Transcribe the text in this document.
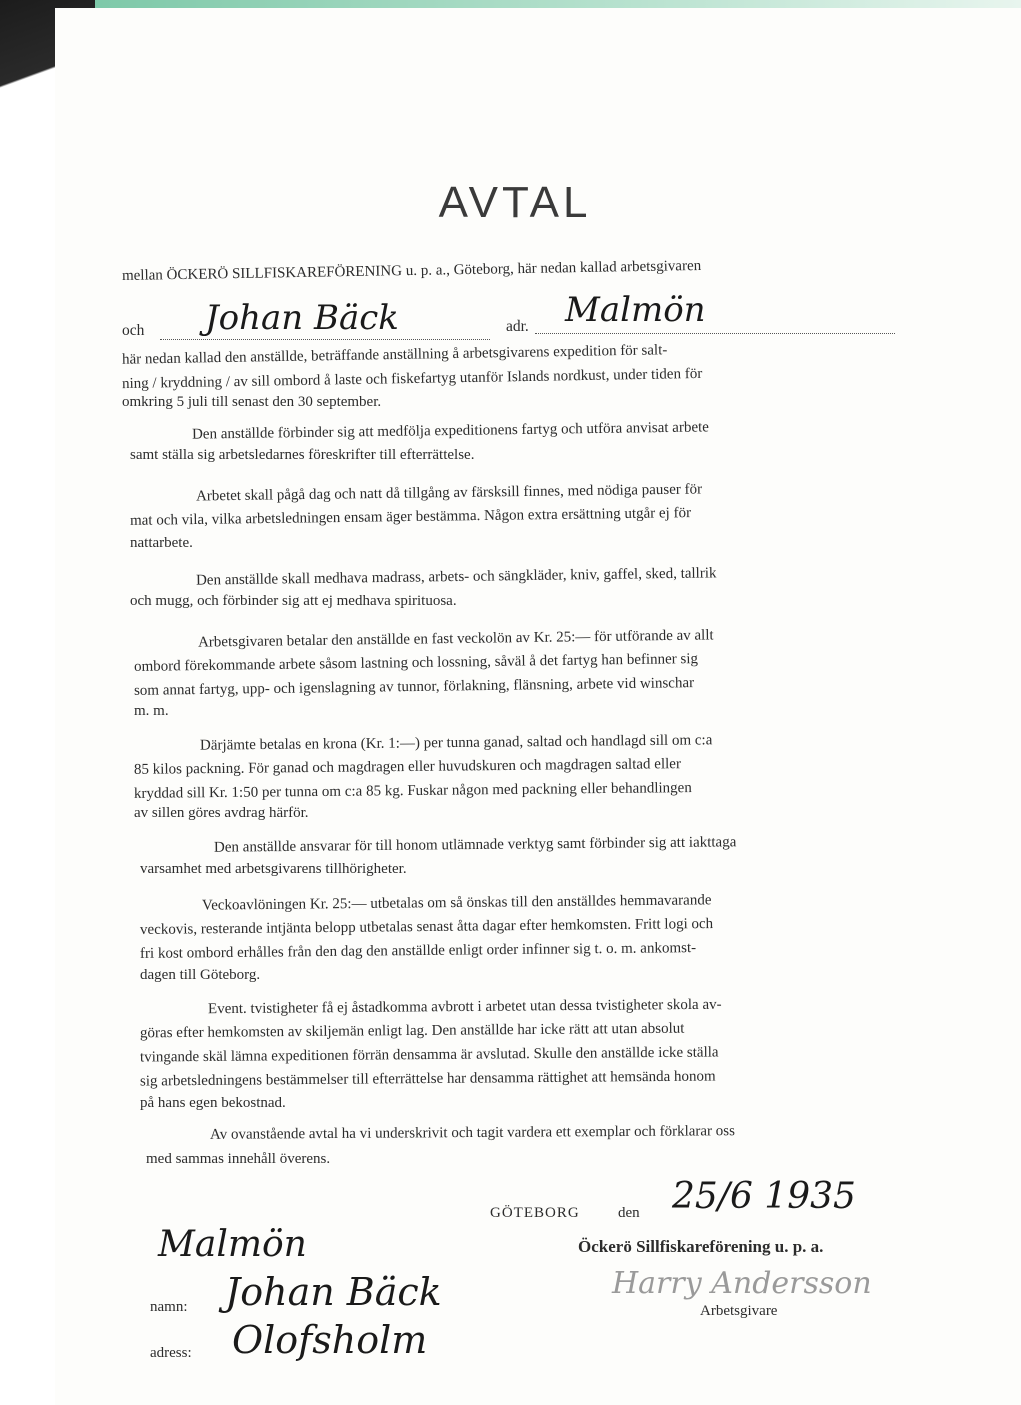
AVTAL
mellan ÖCKERÖ SILLFISKAREFÖRENING u. p. a., Göteborg, här nedan kallad arbetsgivaren
och Johan Bäck	adr. Malmön
här nedan kallad den anställde, beträffande anställning å arbetsgivarens expedition för salt-
ning / kryddning / av sill ombord å laste och fiskefartyg utanför Islands nordkust, under tiden för
omkring 5 juli till senast den 30 september.
Den anställde förbinder sig att medfölja expeditionens fartyg och utföra anvisat arbete
samt ställa sig arbetsledarnes föreskrifter till efterrättelse.
Arbetet skall pågå dag och natt då tillgång av färsksill finnes, med nödiga pauser för
mat och vila, vilka arbetsledningen ensam äger bestämma. Någon extra ersättning utgår ej för
nattarbete.
Den anställde skall medhava madrass, arbets- och sängkläder, kniv, gaffel, sked, tallrik
och mugg, och förbinder sig att ej medhava spirituosa.
Arbetsgivaren betalar den anställde en fast veckolön av Kr. 25:— för utförande av allt
ombord förekommande arbete såsom lastning och lossning, såväl å det fartyg han befinner sig
som annat fartyg, upp- och igenslagning av tunnor, förlakning, flänsning, arbete vid winschar
m. m.
Därjämte betalas en krona (Kr. 1:—) per tunna ganad, saltad och handlagd sill om c:a
85 kilos packning. För ganad och magdragen eller huvudskuren och magdragen saltad eller
kryddad sill Kr. 1:50 per tunna om c:a 85 kg. Fuskar någon med packning eller behandlingen
av sillen göres avdrag härför.
Den anställde ansvarar för till honom utlämnade verktyg samt förbinder sig att iakttaga
varsamhet med arbetsgivarens tillhörigheter.
Veckoavlöningen Kr. 25:— utbetalas om så önskas till den anställdes hemmavarande
veckovis, resterande intjänta belopp utbetalas senast åtta dagar efter hemkomsten. Fritt logi och
fri kost ombord erhålles från den dag den anställde enligt order infinner sig t. o. m. ankomst-
dagen till Göteborg.
Event. tvistigheter få ej åstadkomma avbrott i arbetet utan dessa tvistigheter skola av-
göras efter hemkomsten av skiljemän enligt lag. Den anställde har icke rätt att utan absolut
tvingande skäl lämna expeditionen förrän densamma är avslutad. Skulle den anställde icke ställa
sig arbetsledningens bestämmelser till efterrättelse har densamma rättighet att hemsända honom
på hans egen bekostnad.
Av ovanstående avtal ha vi underskrivit och tagit vardera ett exemplar och förklarar oss
med sammas innehåll överens.
GÖTEBORG	den 25/6 1935
Malmön	Öckerö Sillfiskareförening u. p. a.
namn: Johan Bäck	Harry Andersson
Arbetsgivare
adress: Olofsholm
